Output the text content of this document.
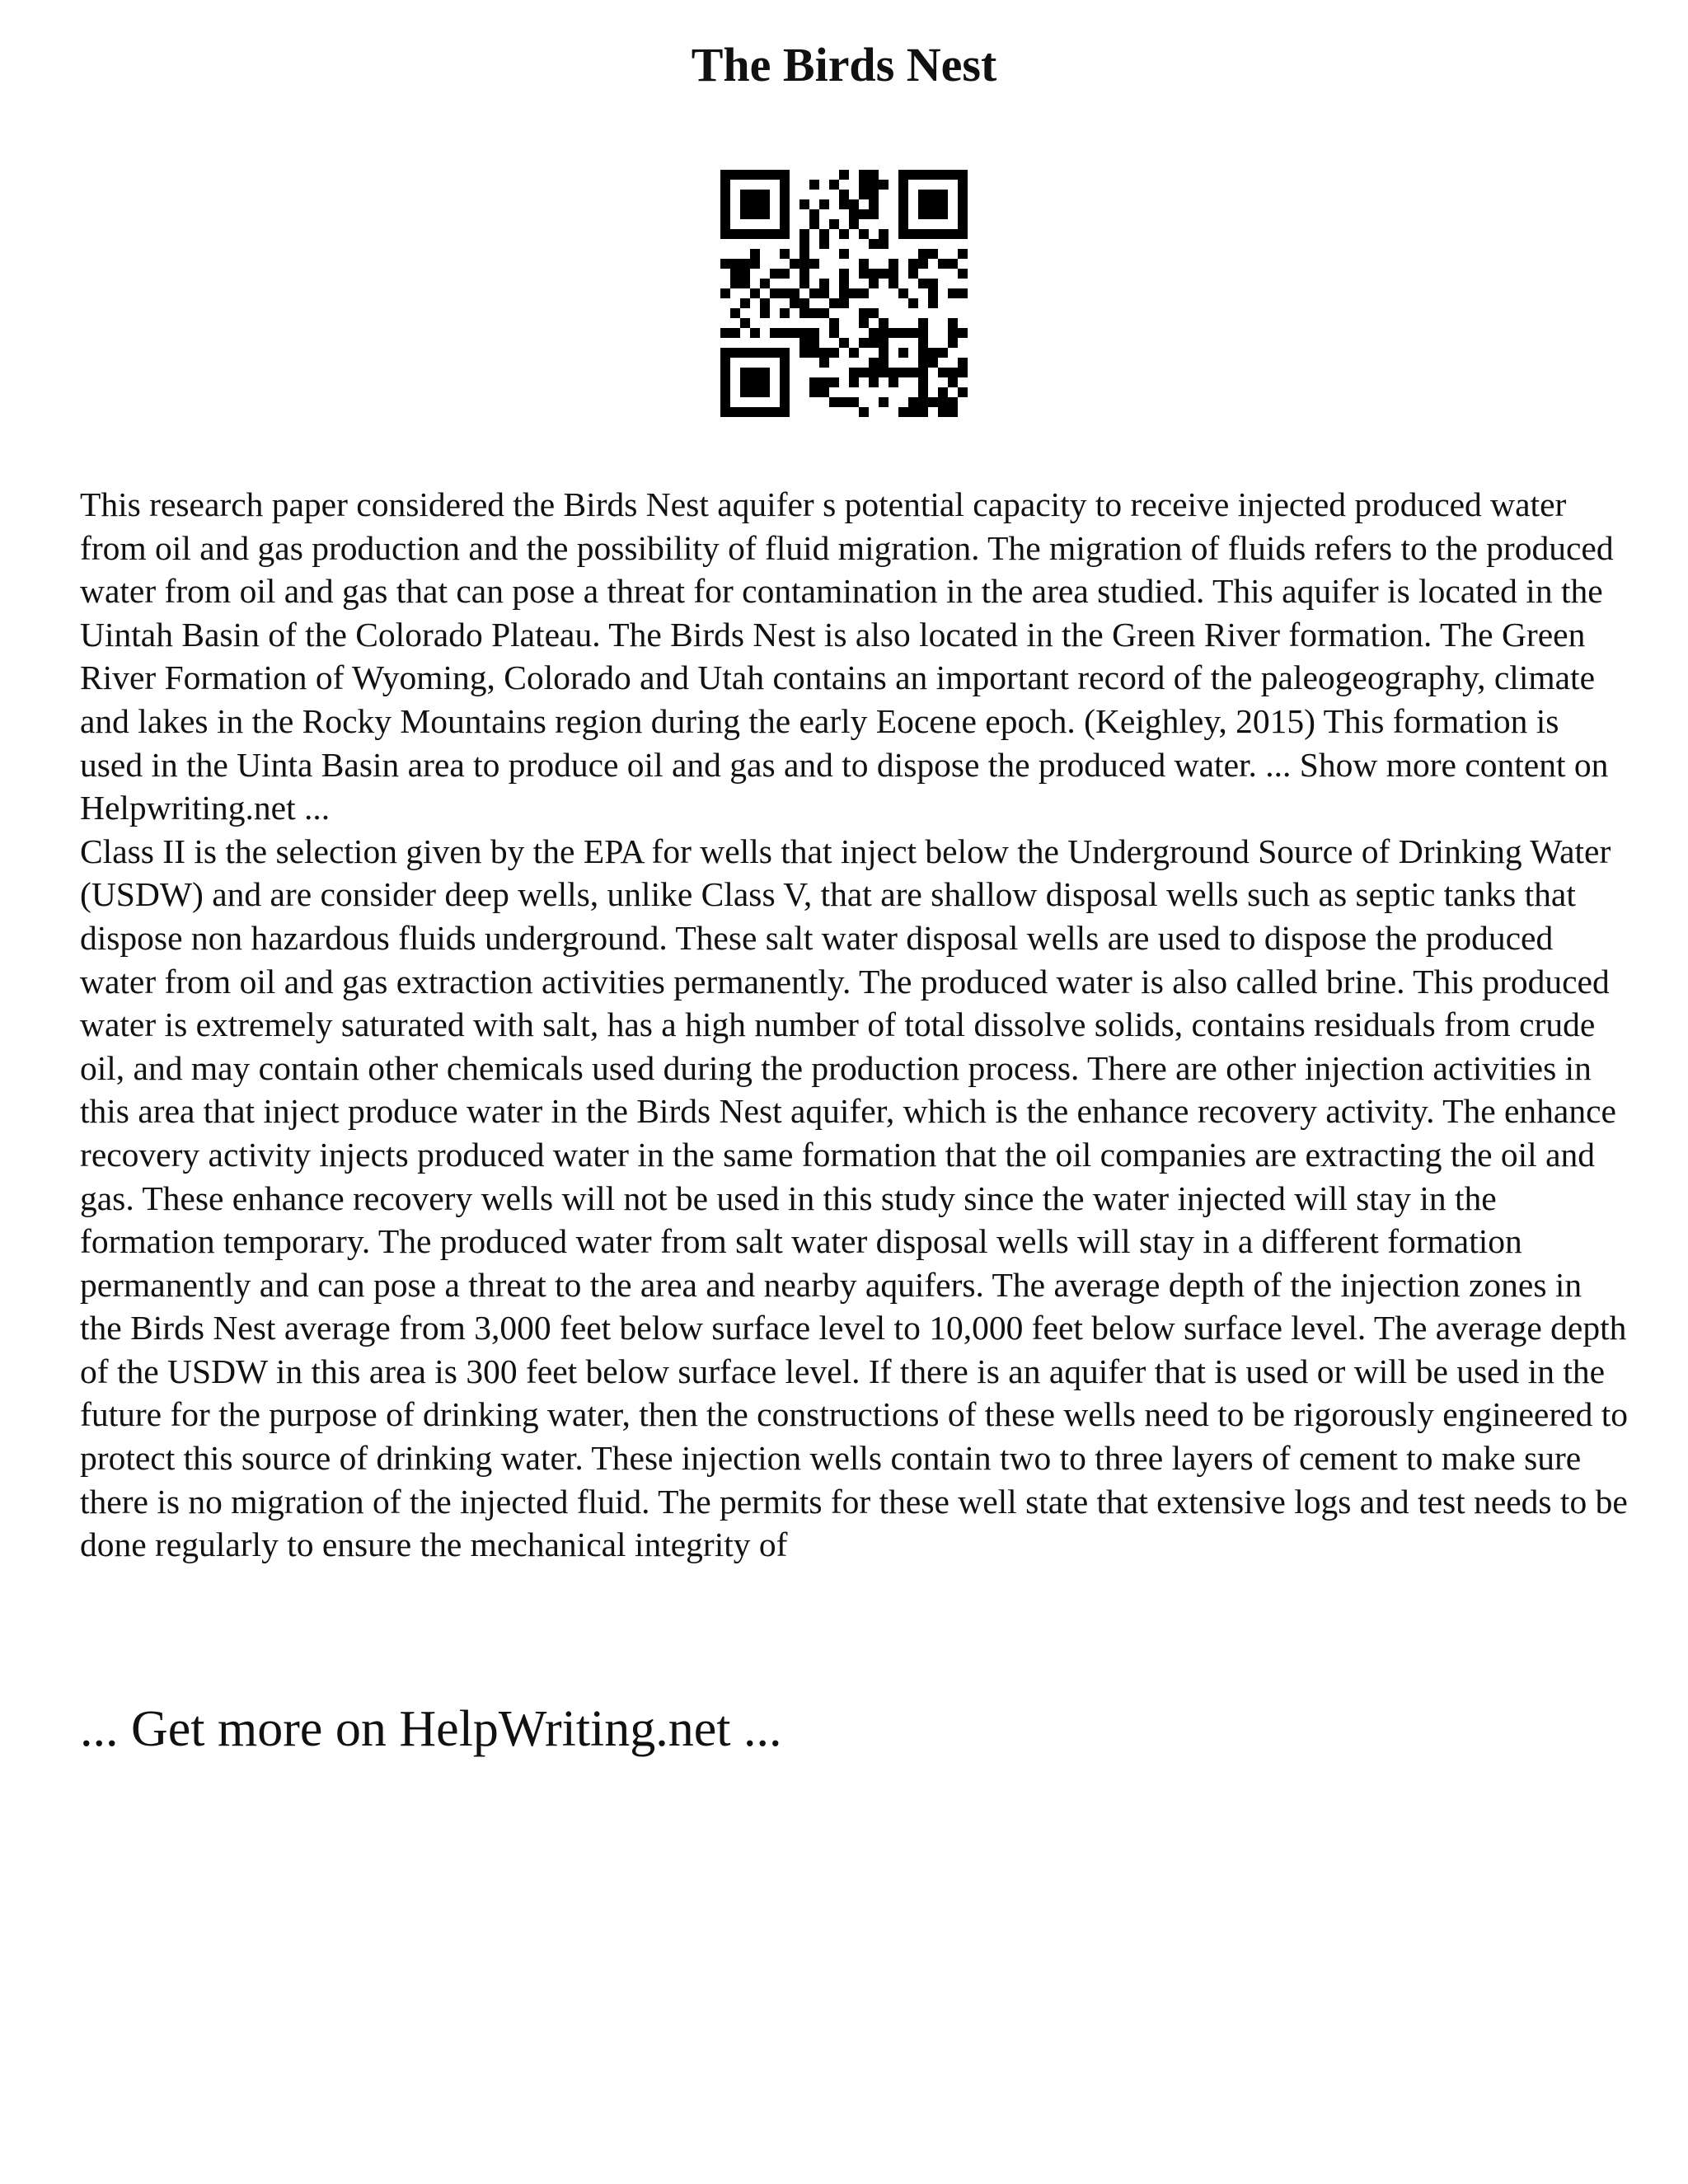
The Birds Nest

This research paper considered the Birds Nest aquifer s potential capacity to receive injected produced water from oil and gas production and the possibility of fluid migration. The migration of fluids refers to the produced water from oil and gas that can pose a threat for contamination in the area studied. This aquifer is located in the Uintah Basin of the Colorado Plateau. The Birds Nest is also located in the Green River formation. The Green River Formation of Wyoming, Colorado and Utah contains an important record of the paleogeography, climate and lakes in the Rocky Mountains region during the early Eocene epoch. (Keighley, 2015) This formation is used in the Uinta Basin area to produce oil and gas and to dispose the produced water. ... Show more content on Helpwriting.net ...

Class II is the selection given by the EPA for wells that inject below the Underground Source of Drinking Water (USDW) and are consider deep wells, unlike Class V, that are shallow disposal wells such as septic tanks that dispose non hazardous fluids underground. These salt water disposal wells are used to dispose the produced water from oil and gas extraction activities permanently. The produced water is also called brine. This produced water is extremely saturated with salt, has a high number of total dissolve solids, contains residuals from crude oil, and may contain other chemicals used during the production process. There are other injection activities in this area that inject produce water in the Birds Nest aquifer, which is the enhance recovery activity. The enhance recovery activity injects produced water in the same formation that the oil companies are extracting the oil and gas. These enhance recovery wells will not be used in this study since the water injected will stay in the formation temporary. The produced water from salt water disposal wells will stay in a different formation permanently and can pose a threat to the area and nearby aquifers. The average depth of the injection zones in the Birds Nest average from 3,000 feet below surface level to 10,000 feet below surface level. The average depth of the USDW in this area is 300 feet below surface level. If there is an aquifer that is used or will be used in the future for the purpose of drinking water, then the constructions of these wells need to be rigorously engineered to protect this source of drinking water. These injection wells contain two to three layers of cement to make sure there is no migration of the injected fluid. The permits for these well state that extensive logs and test needs to be done regularly to ensure the mechanical integrity of

... Get more on HelpWriting.net ...
